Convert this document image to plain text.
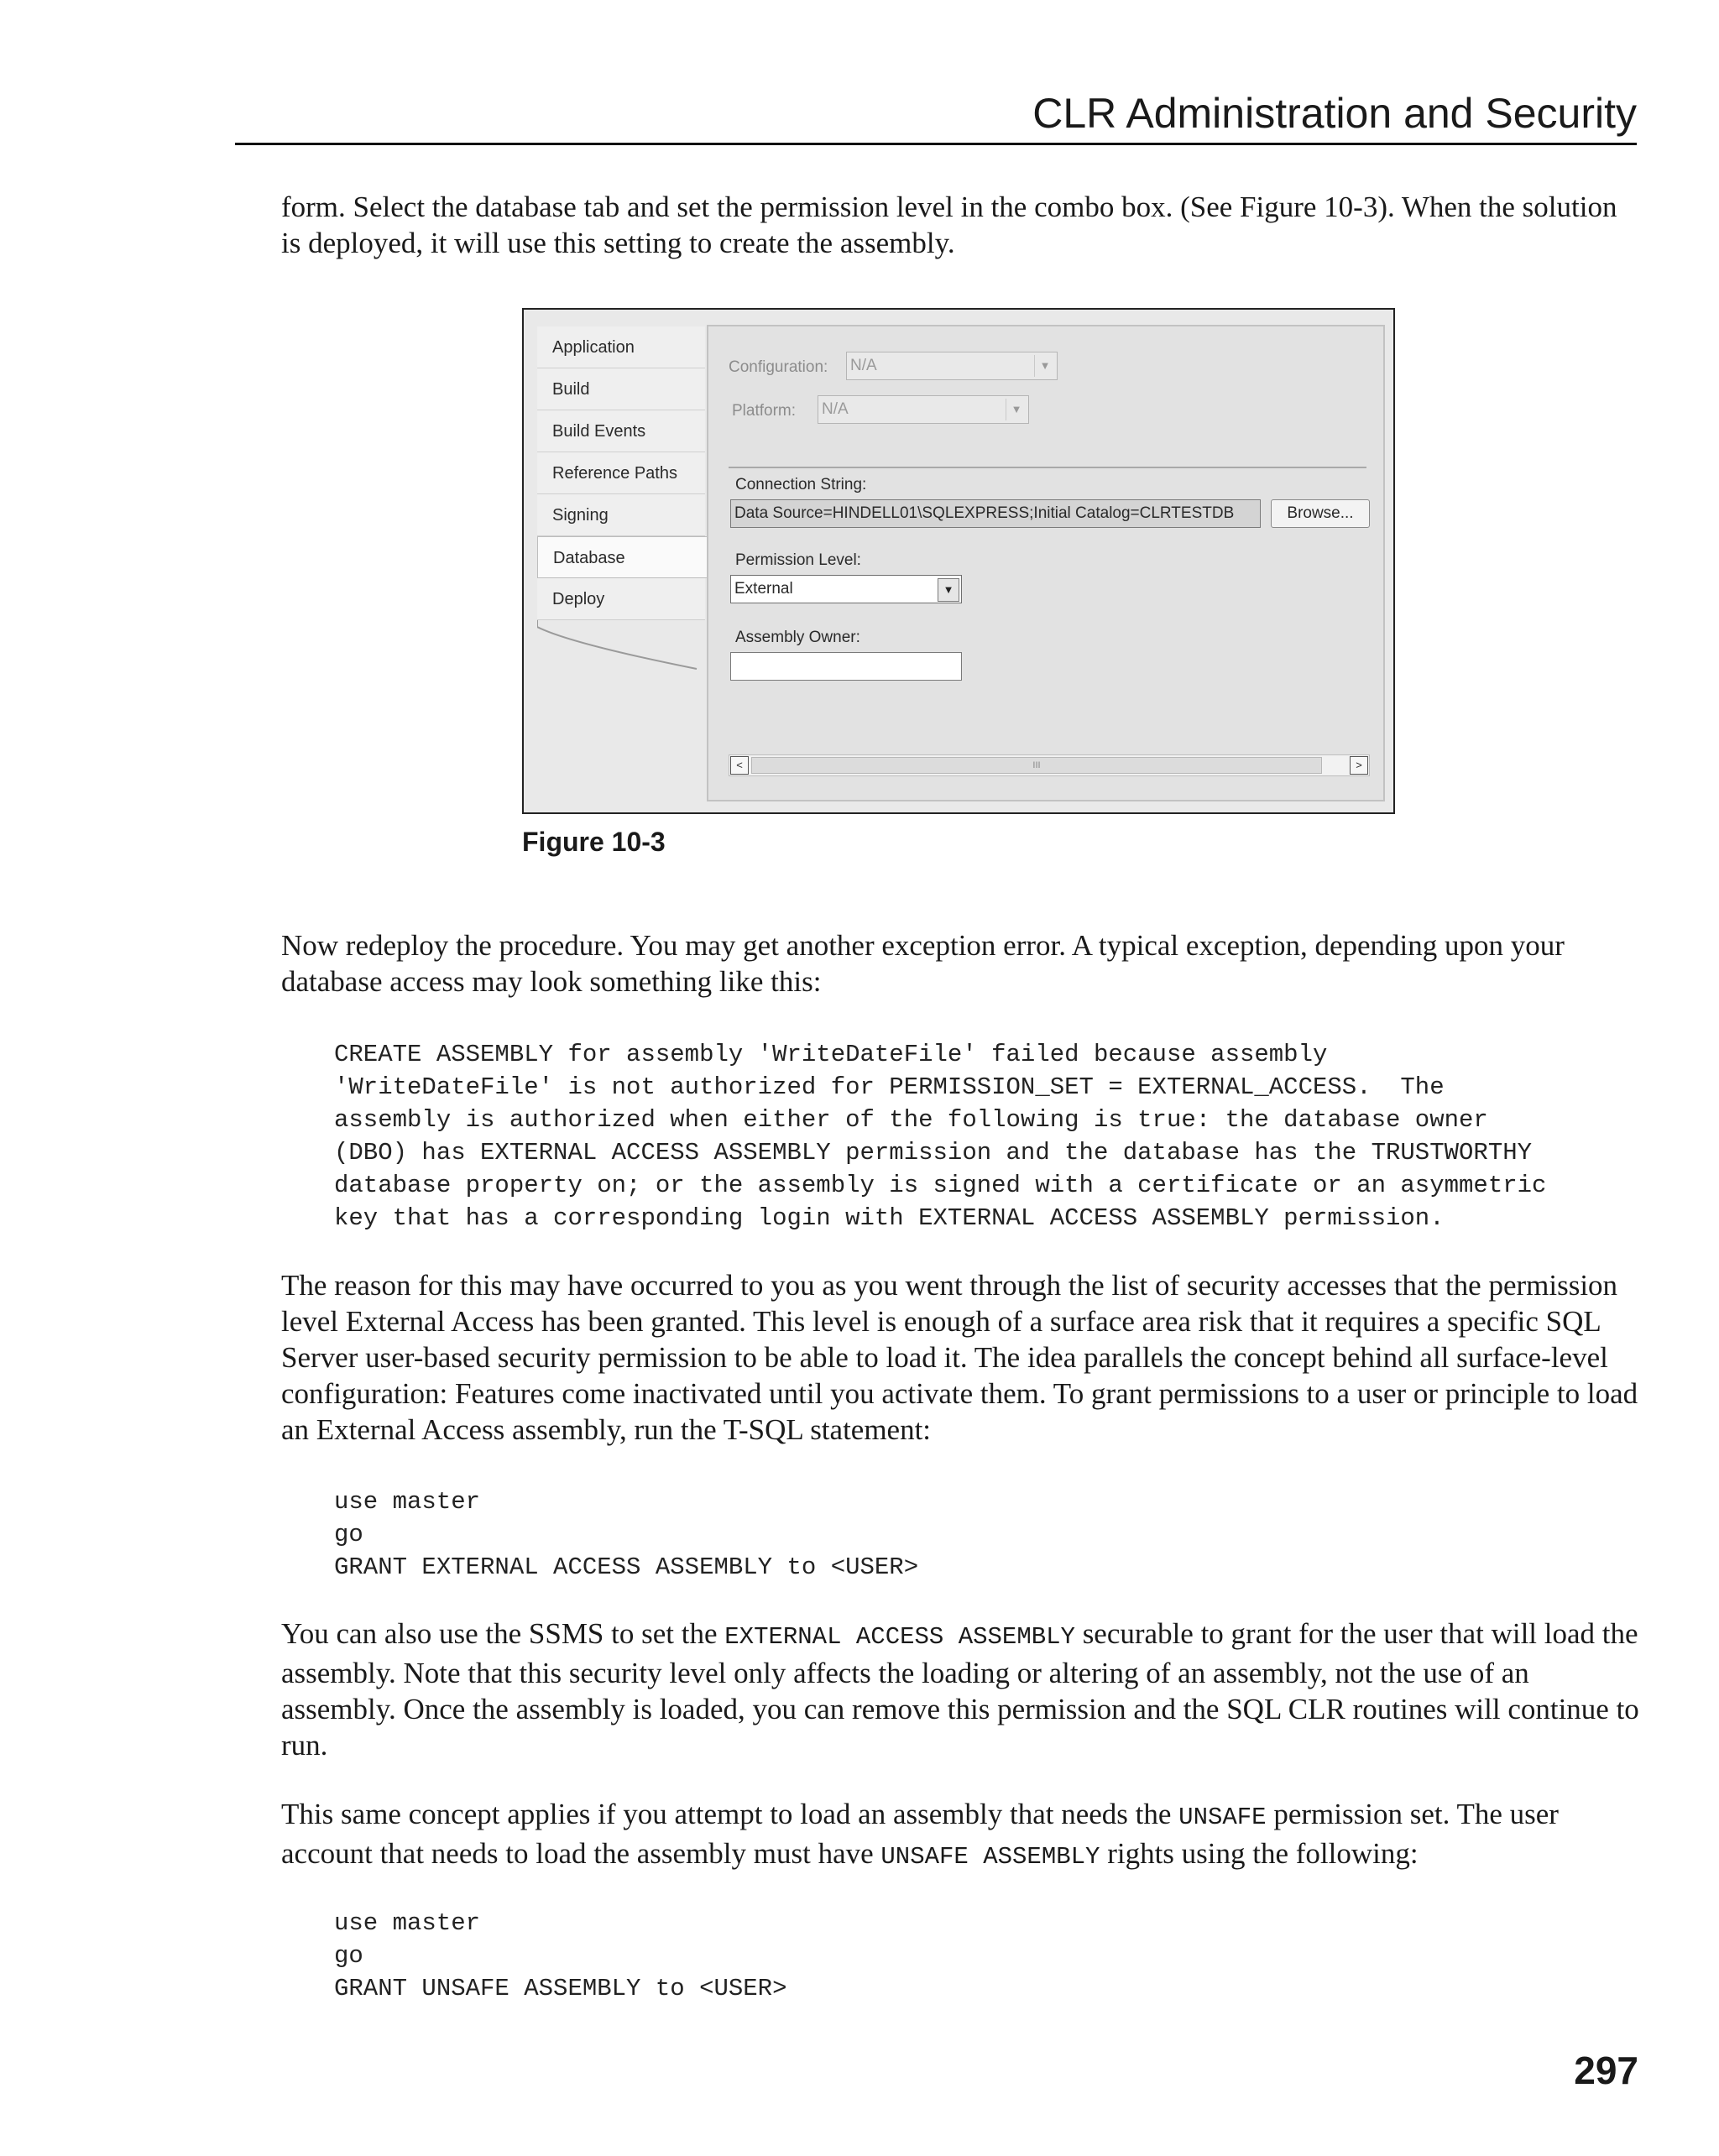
CLR Administration and Security

form. Select the database tab and set the permission level in the combo box. (See Figure 10-3). When the solution is deployed, it will use this setting to create the assembly.

Application
Build
Build Events
Reference Paths
Signing
Database
Deploy
Configuration: N/A	▼
Platform: N/A	▼
Connection String:
Data Source=HINDELL01\SQLEXPRESS;Initial Catalog=CLRTESTDB	Browse...
Permission Level:
External	▼
Assembly Owner:
<	III	>
Figure 10-3

Now redeploy the procedure. You may get another exception error. A typical exception, depending upon your database access may look something like this:

CREATE ASSEMBLY for assembly 'WriteDateFile' failed because assembly
'WriteDateFile' is not authorized for PERMISSION_SET = EXTERNAL_ACCESS.  The
assembly is authorized when either of the following is true: the database owner
(DBO) has EXTERNAL ACCESS ASSEMBLY permission and the database has the TRUSTWORTHY
database property on; or the assembly is signed with a certificate or an asymmetric
key that has a corresponding login with EXTERNAL ACCESS ASSEMBLY permission.

The reason for this may have occurred to you as you went through the list of security accesses that the permission level External Access has been granted. This level is enough of a surface area risk that it requires a specific SQL Server user-based security permission to be able to load it. The idea parallels the concept behind all surface-level configuration: Features come inactivated until you activate them. To grant permissions to a user or principle to load an External Access assembly, run the T-SQL statement:

use master
go
GRANT EXTERNAL ACCESS ASSEMBLY to <USER>

You can also use the SSMS to set the EXTERNAL ACCESS ASSEMBLY securable to grant for the user that will load the assembly. Note that this security level only affects the loading or altering of an assembly, not the use of an assembly. Once the assembly is loaded, you can remove this permission and the SQL CLR routines will continue to run.

This same concept applies if you attempt to load an assembly that needs the UNSAFE permission set. The user account that needs to load the assembly must have UNSAFE ASSEMBLY rights using the following:

use master
go
GRANT UNSAFE ASSEMBLY to <USER>
297
